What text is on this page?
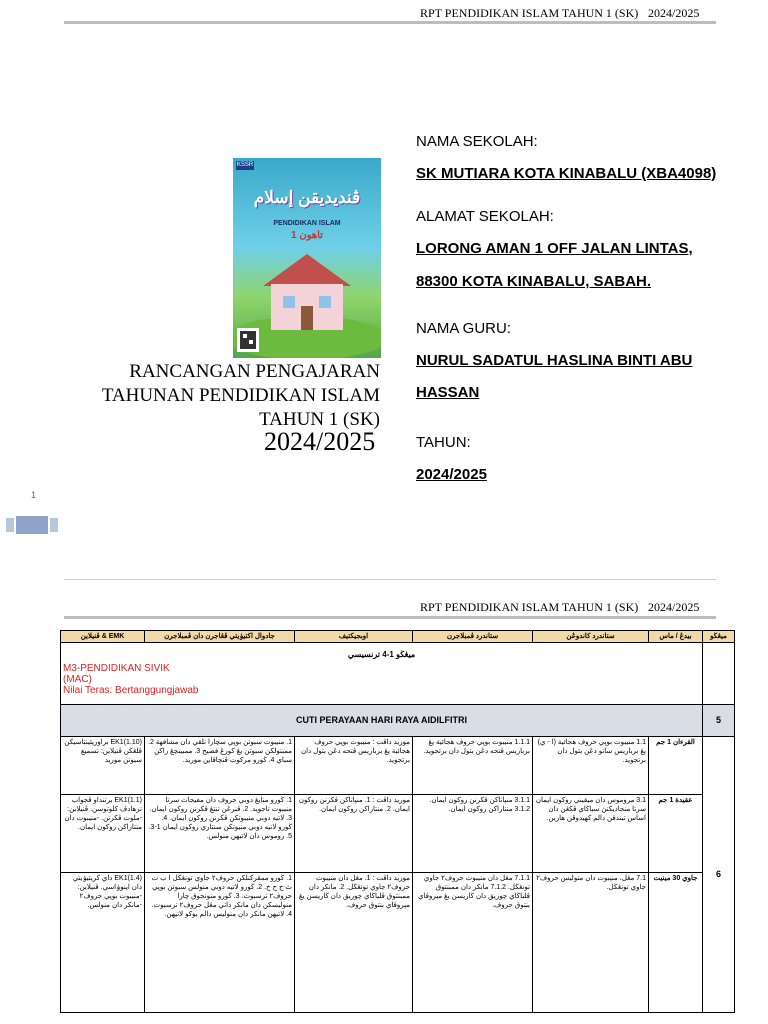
RPT PENDIDIKAN ISLAM TAHUN 1 (SK) 2024/2025
KSSR
ڤنديديقن إسلام
PENDIDIKAN ISLAM
تاهون 1
RANCANGAN PENGAJARAN
TAHUNAN PENDIDIKAN ISLAM
TAHUN 1 (SK)
2024/2025
NAMA SEKOLAH:
SK MUTIARA KOTA KINABALU (XBA4098)
ALAMAT SEKOLAH:
LORONG AMAN 1 OFF JALAN LINTAS,
88300 KOTA KINABALU, SABAH.
NAMA GURU:
NURUL SADATUL HASLINA BINTI ABU
HASSAN
TAHUN:
2024/2025
1
RPT PENDIDIKAN ISLAM TAHUN 1 (SK) 2024/2025
EMK & ڤنيلاين	جادوال اکتيۏيتي ڤڠاجرن دان ڤمبلاجرن	اوبجيکتيف	ستاندرد ڤمبلاجرن	ستاندرد کاندوڠن	بيدڠ / ماس	ميڠڬو

ميڠڬو 1-4 ترنسيسي
M3-PENDIDIKAN SIVIK
(MAC)
Nilai Teras: Bertanggungjawab						

CUTI PERAYAAN HARI RAYA AIDILFITRI						5
EK1(1.10) براوريئينتاسيکن ڤلڠڬن ڤنيلاين: تسميع سيوتن موريد	1. منيبوت سبوتن بوڽي سچارا تلقي دان مشافهة 2. ممبتولکن سبوتن يڠ کورڠ فصيح 3. ممبينچڠ راکن سباي 4. ڬورو مرکوت ڤنچاڤاين موريد.	موريد داڤت : منيبوت بوڽي حروف هجائية يڠ برباريس ڤتحه دڠن بتول دان برتجويد.	1.1.1 منيبوت بوڽي حروف هجائية يڠ برباريس ڤتحه دڠن بتول دان برتجويد.	1.1 منيبوت بوڽي حروف هجائية (ا - ي) يڠ برباريس ساتو دڠن بتول دان برتجويد.	القرءان 1 جم	6
EK1(1.1) برتنداو ڤجواب ترهادڤ کلوتوسن. ڤنيلاين: -ملوت ڤکرنن. -منيبوت دان منتاراکن روکون ايمان.	1. ڬورو منايڠ دوبي حروف دان مفيجات سرتا منيبوت تاجويد. 2. ڤنرڠن تنتڠ ڤکرنن روکون ايمان. 3. لاتيه دوبي منيبوتکن ڤکرنن روکون ايمان. 4. ڬورو لاتيه دوبي منيوتکن سنتاري روکون ايمان 1-3. 5. روموس دان لاتيهن منولس.	موريد داڤت : 1. منڽاتاکن ڤکرنن روکون ايمان. 2. منتاراکن روکون ايمان.	3.1.1 منڽاتاکن ڤکرنن روکون ايمان. 3.1.2 منتاراکن روکون ايمان.	3.1 مروموس دان ميقيني روکون ايمان سرتا منجاديکنڽ سباڬاي ڤڬڠن دان اساس تيندقن دالم کهيدوڤن هارين.	عقيدة 1 جم	
EK1(1.4) داي کريتيۏيتي دان اينوۏاسي. ڤنيلاين: -منيبوت بوڽي حروف٢ -مانکر دان منولس.	1. ڬورو ممڤرکنلکن حروف٢ جاوي تونڠڬل ا ب ت ث ج ح خ. 2. ڬورو لاتيه دوبي منولس سبوتن بوڽي حروف٢ ترسبوت. 3. ڬورو منونجوق چارا منوليسکن دان مانکر داتي مڠل حروف٢ ترسبوت. 4. لاتيهن مانکر دان منوليس دالم بوکو لاتيهن.	موريد داڤت : 1. مڠل دان منيبوت حروف٢ جاوي تونڠڬل. 2. مانکر دان ممبنتوق ڤلباڬاي چوريق دان ڬاريسن يڠ مڽروڤاي بنتوق حروف.	7.1.1 مڠل دان منيبوت حروف٢ جاوي تونڠڬل. 7.1.2 مانکر دان ممبنتوق ڤلباڬاي چوريق دان ڬاريسن يڠ مڽروڤاي بنتوق حروف.	7.1 مڠل، منيبوت دان منوليس حروف٢ جاوي تونڠڬل.	جاوي 30 مينيت	
